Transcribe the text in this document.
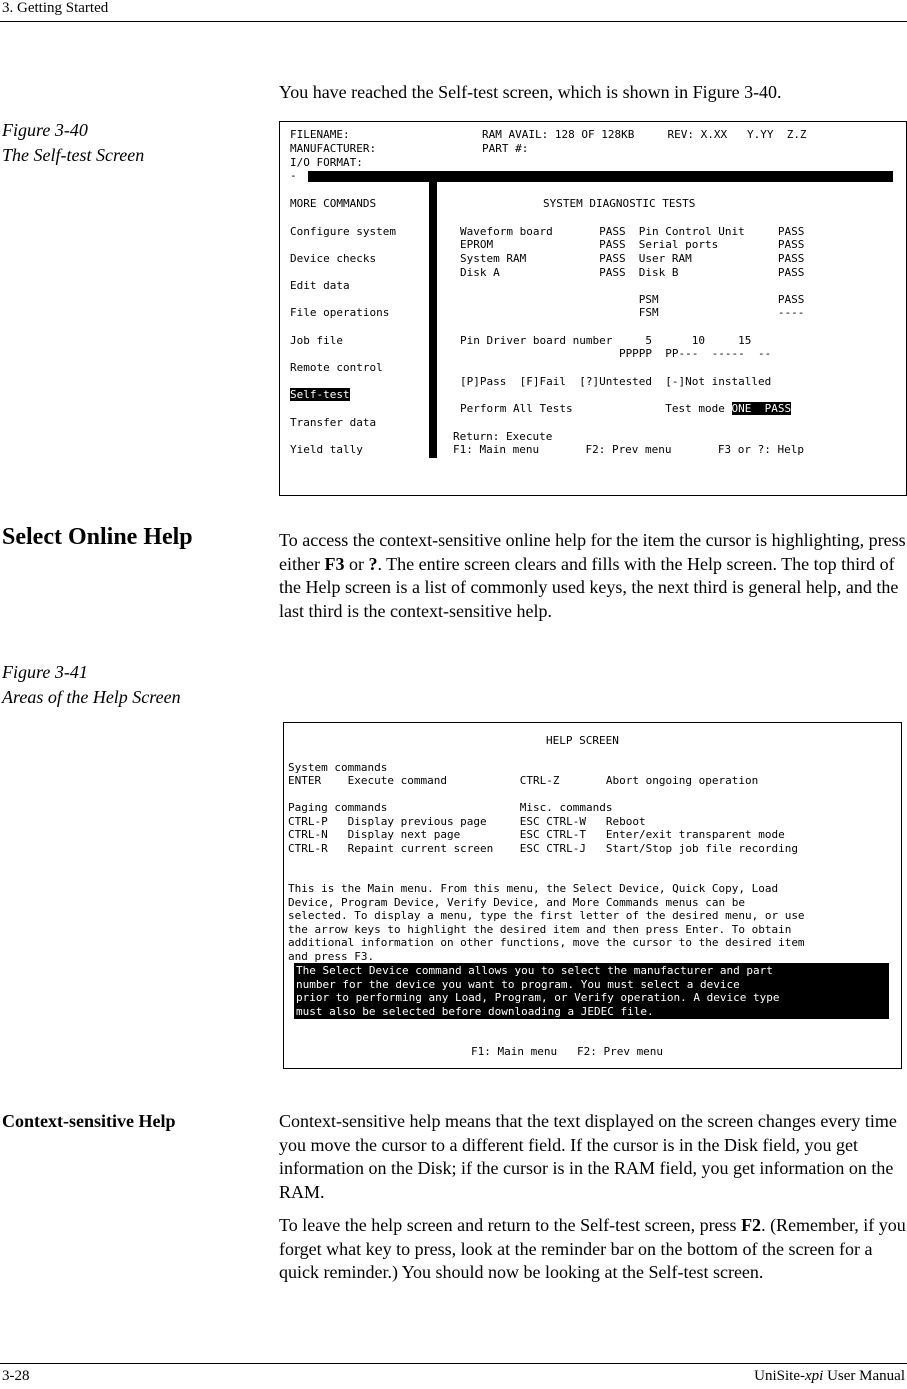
3. Getting Started
You have reached the Self-test screen, which is shown in Figure 3-40.
Figure 3-40
The Self-test Screen
FILENAME:                    RAM AVAIL: 128 OF 128KB     REV: X.XX   Y.YY  Z.Z
MANUFACTURER:                PART #:
I/O FORMAT:
-
MORE COMMANDS
Configure system
Device checks
Edit data
File operations
Job file
Remote control
Self-test
Transfer data
Yield tally
SYSTEM DIAGNOSTIC TESTS
Waveform board       PASS  Pin Control Unit     PASS
EPROM                PASS  Serial ports         PASS
System RAM           PASS  User RAM             PASS
Disk A               PASS  Disk B               PASS
PSM                  PASS
FSM                  ----
Pin Driver board number     5      10     15
PPPPP  PP---  -----  --
[P]Pass  [F]Fail  [?]Untested  [-]Not installed
Perform All Tests              Test mode ONE  PASS
Return: Execute
F1: Main menu       F2: Prev menu       F3 or ?: Help
Select Online Help	To access the context-sensitive online help for the item the cursor is highlighting, press either F3 or ?. The entire screen clears and fills with the Help screen. The top third of the Help screen is a list of commonly used keys, the next third is general help, and the last third is the context-sensitive help.
Figure 3-41
Areas of the Help Screen
HELP SCREEN
System commands
ENTER    Execute command           CTRL-Z       Abort ongoing operation
Paging commands                    Misc. commands
CTRL-P   Display previous page     ESC CTRL-W   Reboot
CTRL-N   Display next page         ESC CTRL-T   Enter/exit transparent mode
CTRL-R   Repaint current screen    ESC CTRL-J   Start/Stop job file recording
This is the Main menu. From this menu, the Select Device, Quick Copy, Load
Device, Program Device, Verify Device, and More Commands menus can be
selected. To display a menu, type the first letter of the desired menu, or use
the arrow keys to highlight the desired item and then press Enter. To obtain
additional information on other functions, move the cursor to the desired item
and press F3.
The Select Device command allows you to select the manufacturer and part
number for the device you want to program. You must select a device
prior to performing any Load, Program, or Verify operation. A device type
must also be selected before downloading a JEDEC file.
F1: Main menu   F2: Prev menu
Context-sensitive Help	Context-sensitive help means that the text displayed on the screen changes every time you move the cursor to a different field. If the cursor is in the Disk field, you get information on the Disk; if the cursor is in the RAM field, you get information on the RAM.
To leave the help screen and return to the Self-test screen, press F2. (Remember, if you forget what key to press, look at the reminder bar on the bottom of the screen for a quick reminder.) You should now be looking at the Self-test screen.
3-28	UniSite-xpi User Manual
